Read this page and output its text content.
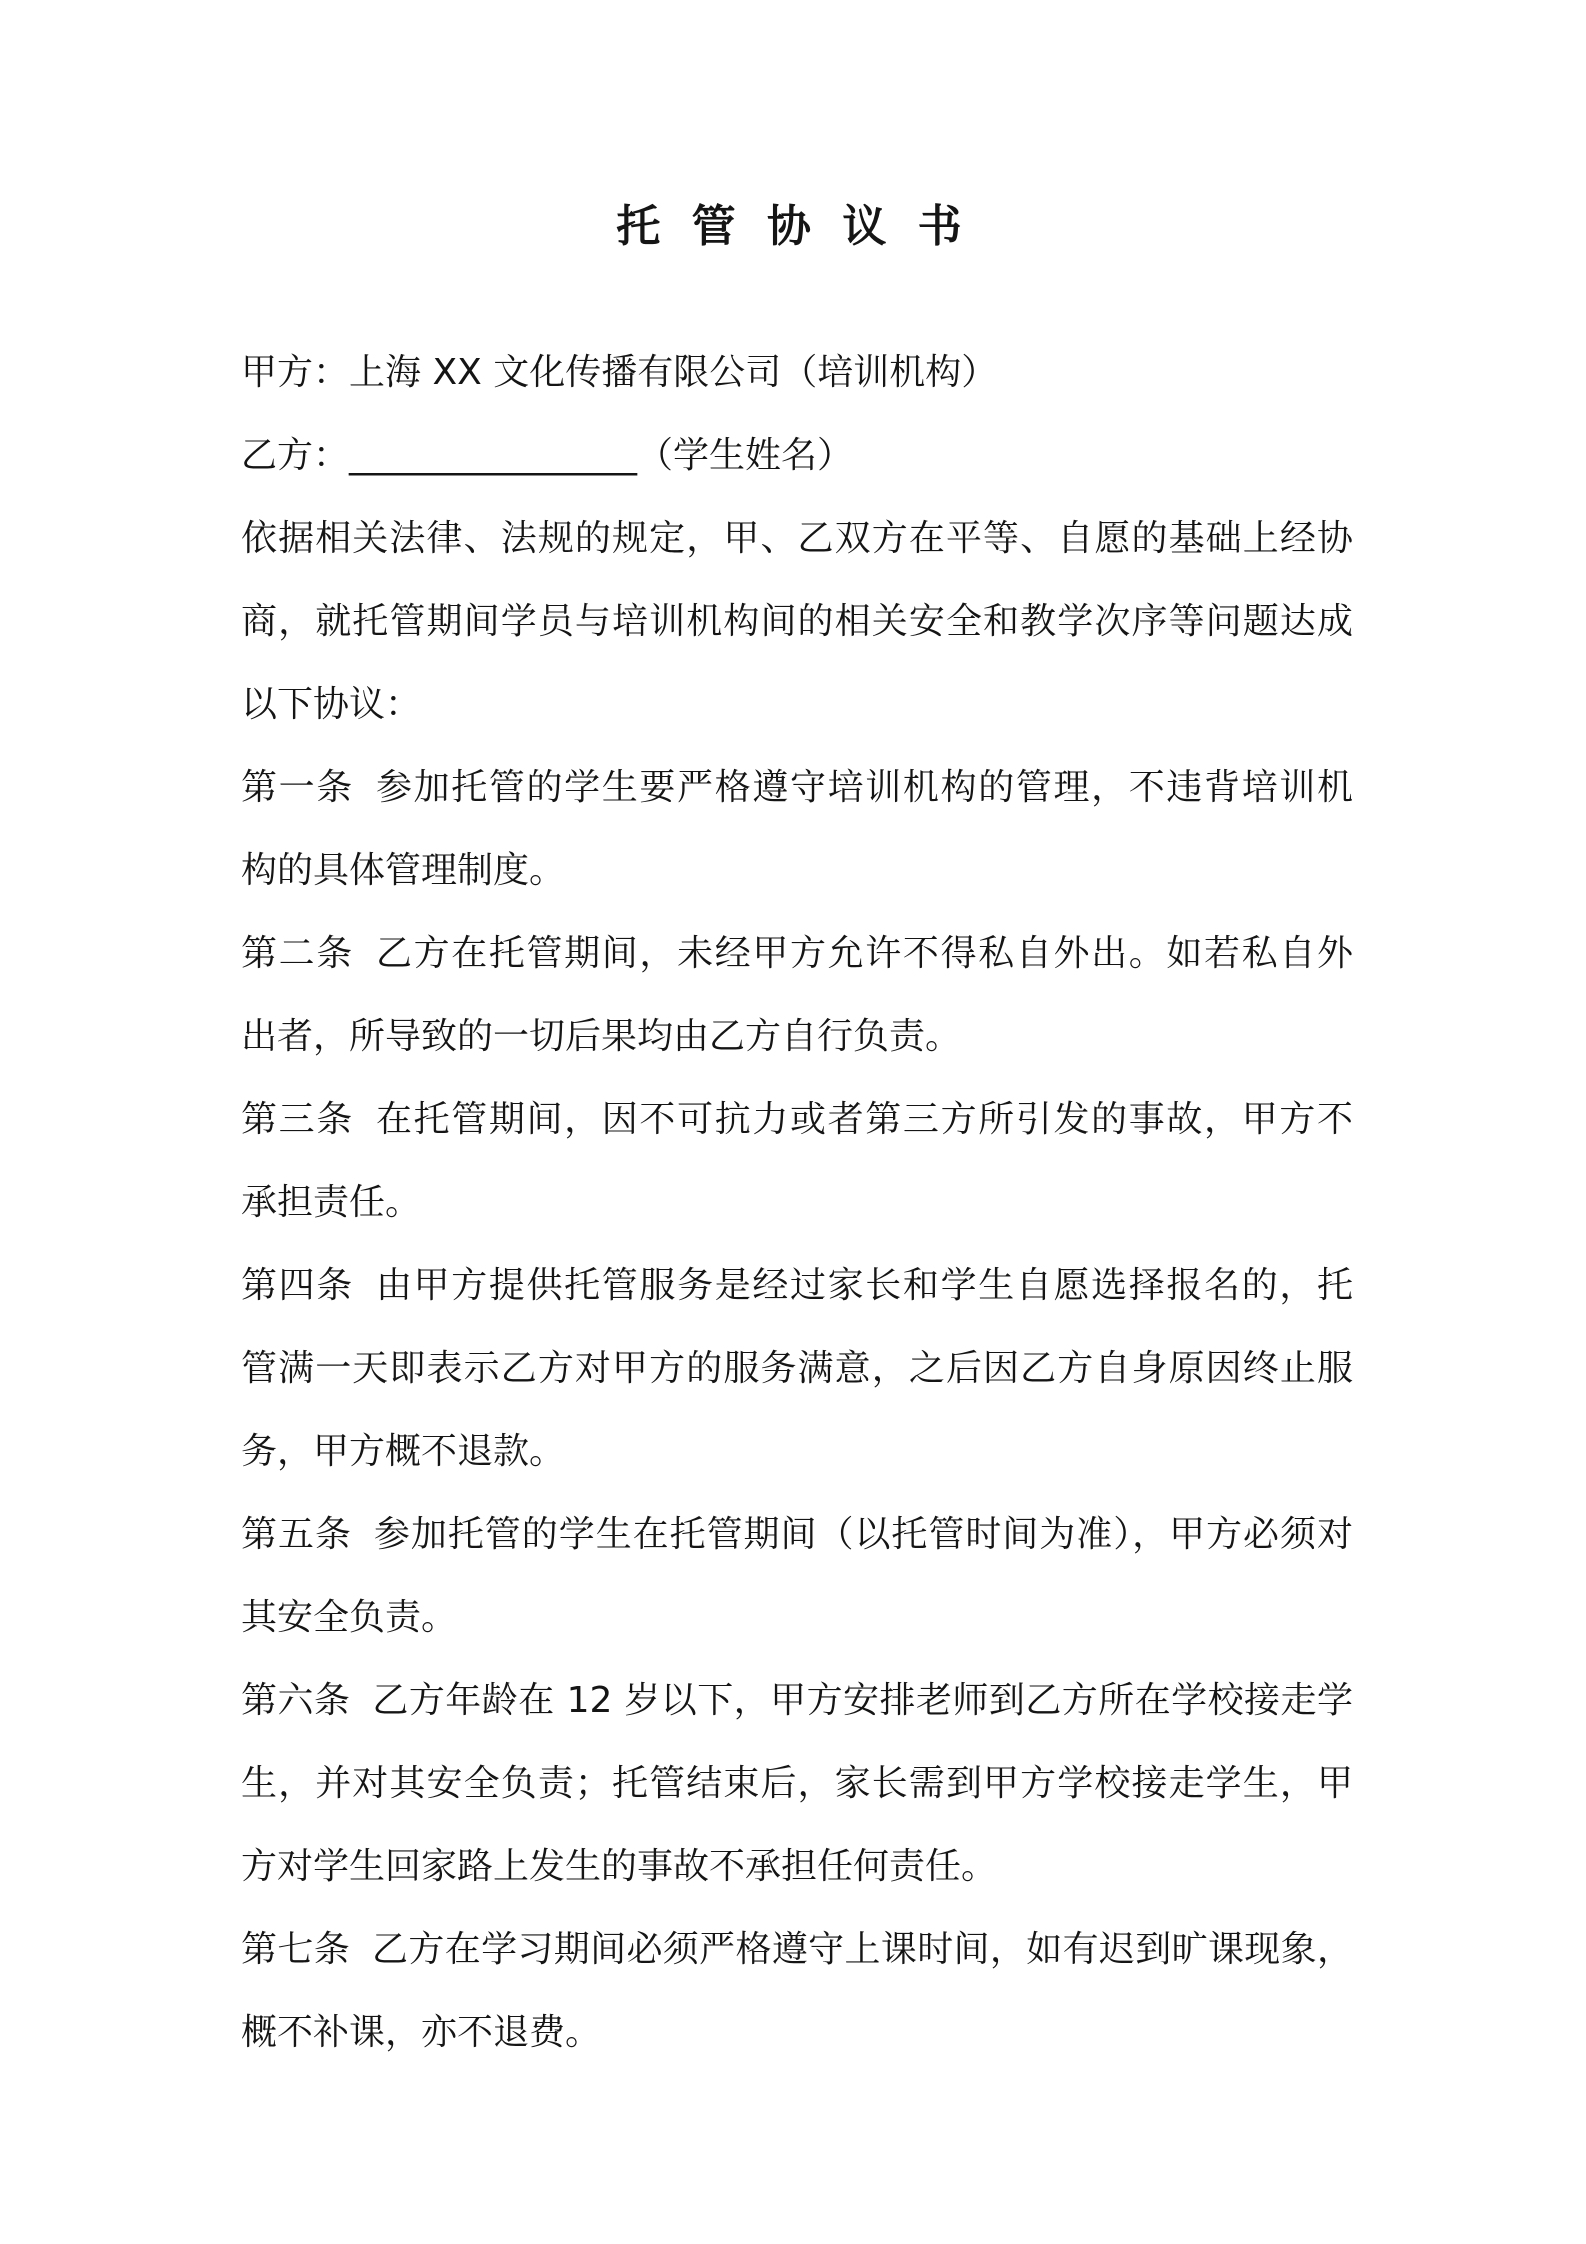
托 管 协 议 书
甲方：上海 XX 文化传播有限公司（培训机构）
乙方：________________（学生姓名）
依据相关法律、法规的规定，甲、乙双方在平等、自愿的基础上经协
商，就托管期间学员与培训机构间的相关安全和教学次序等问题达成
以下协议：
第一条 参加托管的学生要严格遵守培训机构的管理，不违背培训机
构的具体管理制度。
第二条 乙方在托管期间，未经甲方允许不得私自外出。如若私自外
出者，所导致的一切后果均由乙方自行负责。
第三条 在托管期间，因不可抗力或者第三方所引发的事故，甲方不
承担责任。
第四条 由甲方提供托管服务是经过家长和学生自愿选择报名的，托
管满一天即表示乙方对甲方的服务满意，之后因乙方自身原因终止服
务，甲方概不退款。
第五条 参加托管的学生在托管期间（以托管时间为准），甲方必须对
其安全负责。
第六条 乙方年龄在 12 岁以下，甲方安排老师到乙方所在学校接走学
生，并对其安全负责；托管结束后，家长需到甲方学校接走学生，甲
方对学生回家路上发生的事故不承担任何责任。
第七条 乙方在学习期间必须严格遵守上课时间，如有迟到旷课现象，
概不补课，亦不退费。
